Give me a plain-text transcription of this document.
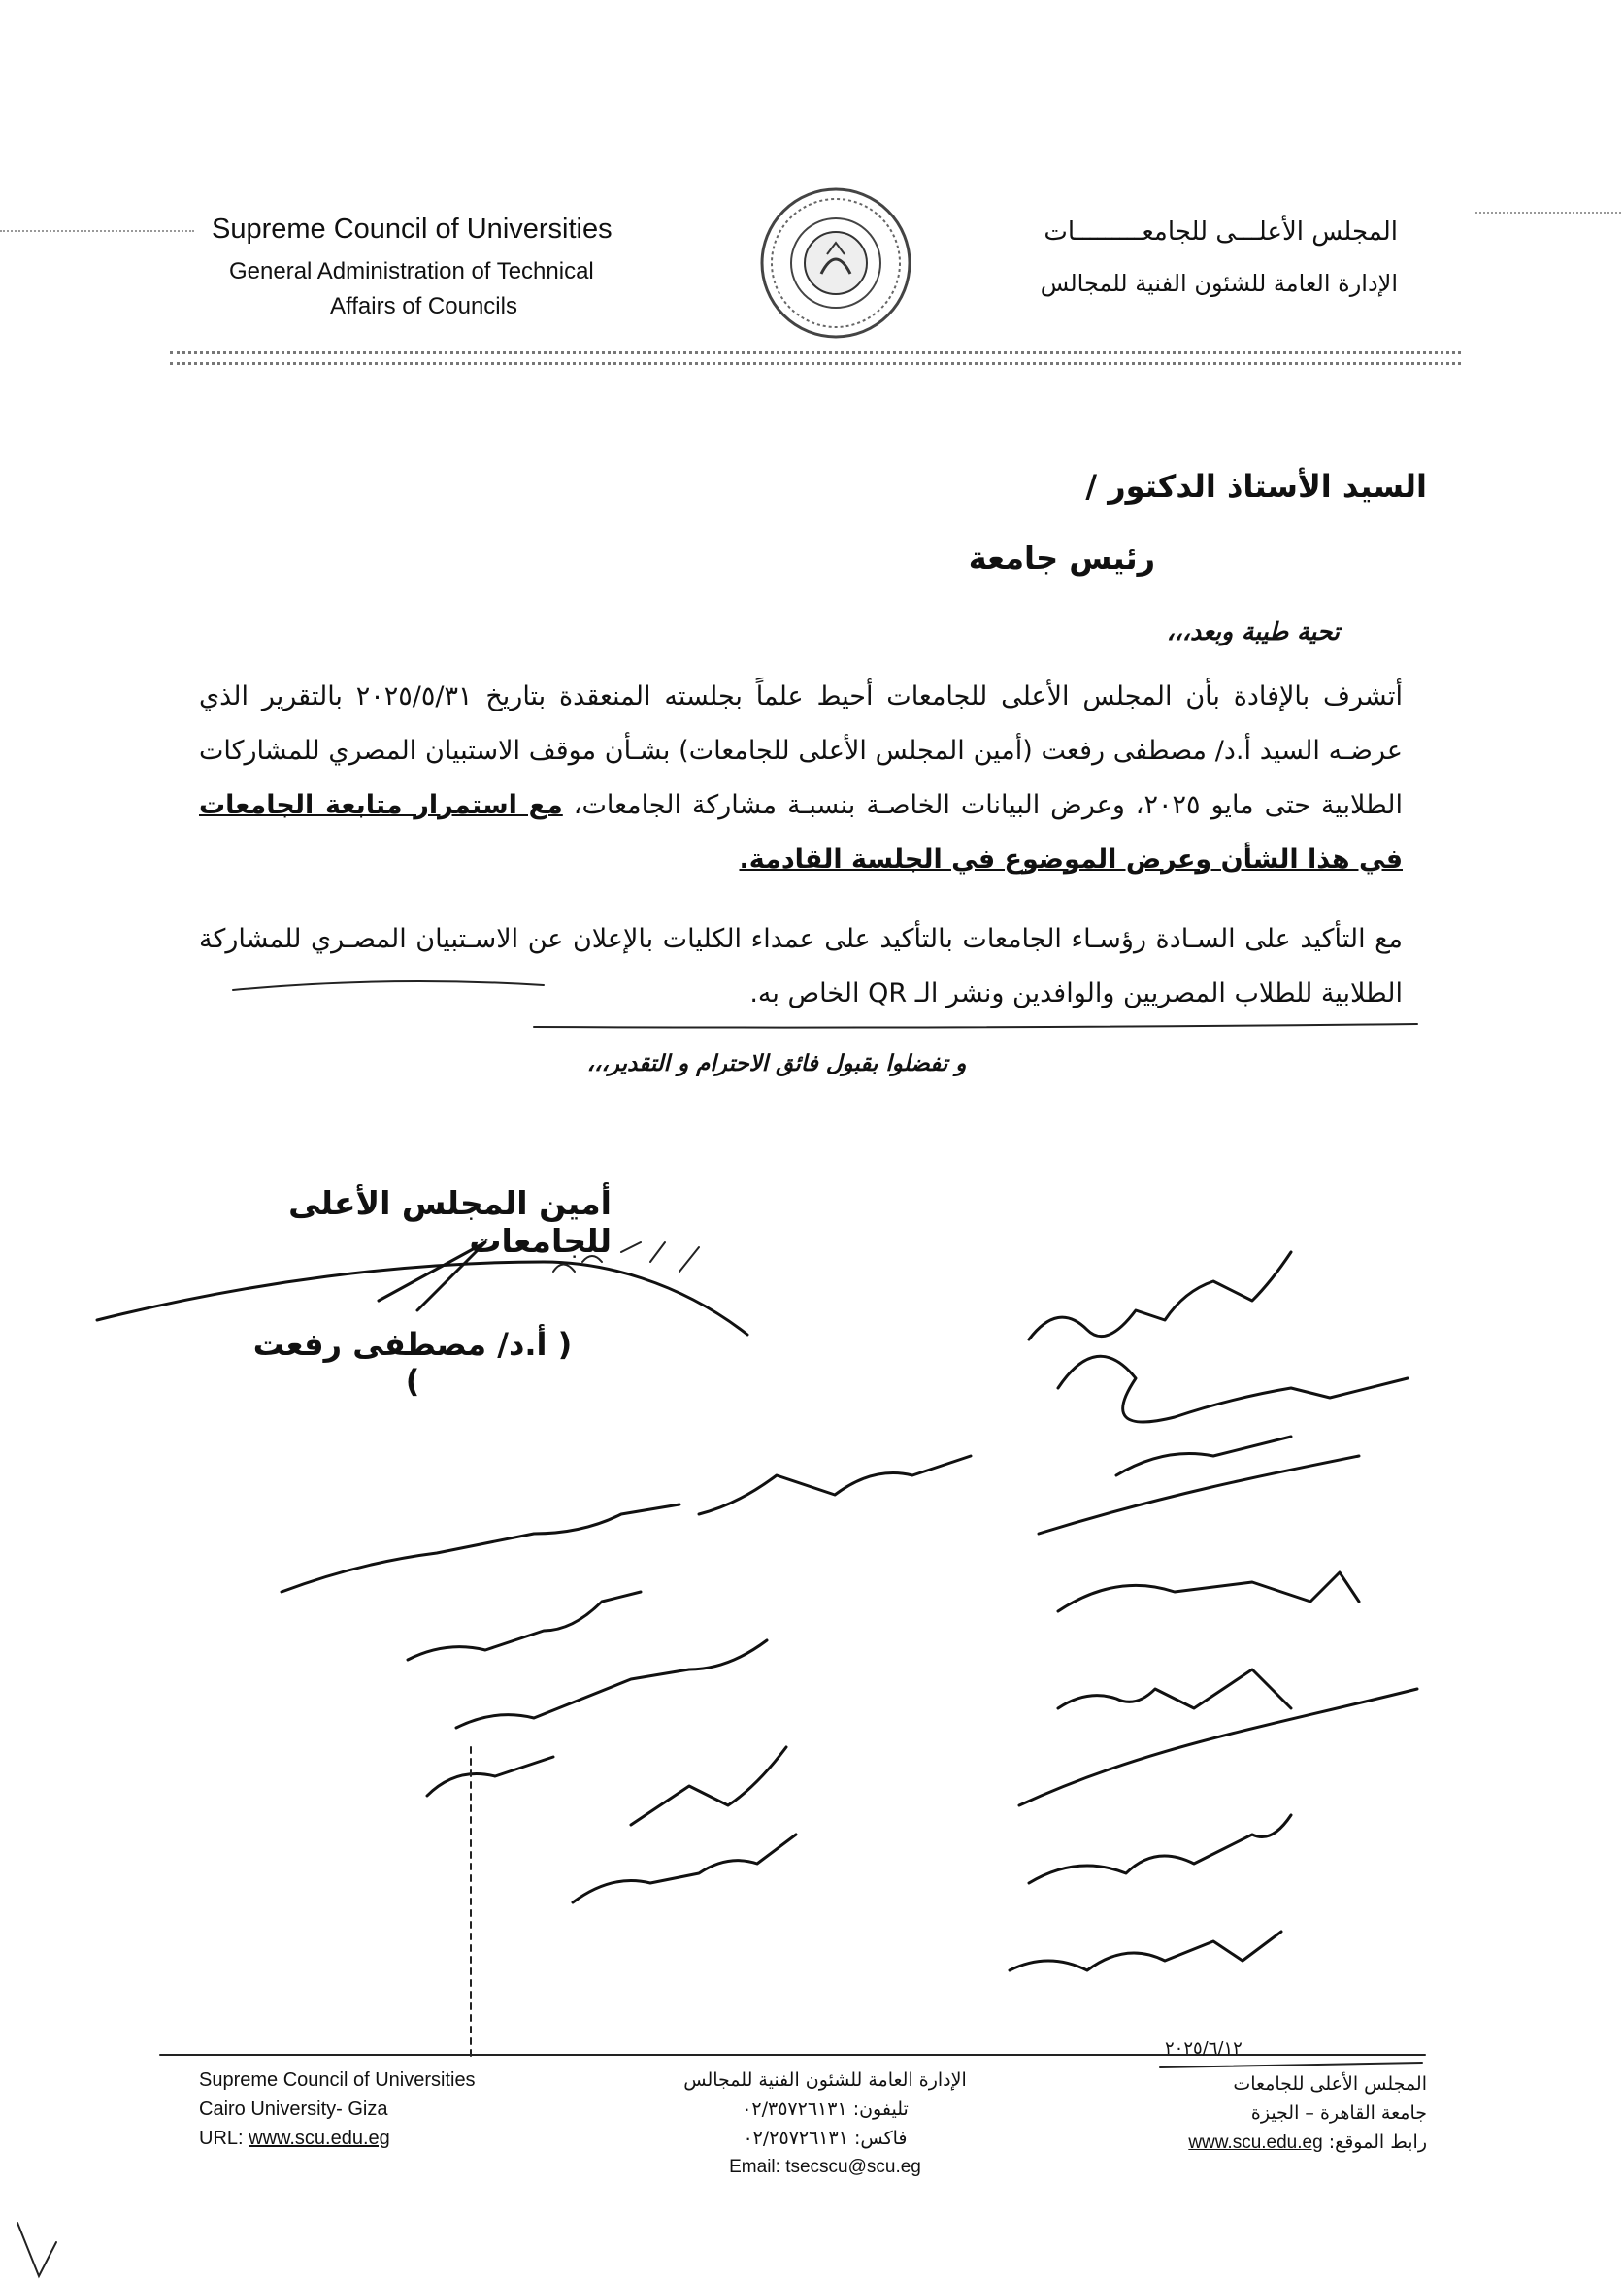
Supreme Council of Universities
General Administration of Technical
Affairs of Councils
المجلس الأعلـــى للجامعـــــــــات
الإدارة العامة للشئون الفنية للمجالس
السيد الأستاذ الدكتور /
رئيس جامعة
تحية طيبة وبعد،،،
أتشرف بالإفادة بأن المجلس الأعلى للجامعات أحيط علماً بجلسته المنعقدة بتاريخ ٢٠٢٥/٥/٣١ بالتقرير الذي عرضـه السيد أ.د/ مصطفى رفعت (أمين المجلس الأعلى للجامعات) بشـأن موقف الاستبيان المصري للمشاركات الطلابية حتى مايو ٢٠٢٥، وعرض البيانات الخاصـة بنسبـة مشاركة الجامعات، مع استمرار متابعة الجامعات في هذا الشأن وعرض الموضوع في الجلسة القادمة.
مع التأكيد على السـادة رؤسـاء الجامعات بالتأكيد على عمداء الكليات بالإعلان عن الاسـتبيان المصـري للمشاركة الطلابية للطلاب المصريين والوافدين ونشر الـ QR الخاص به.
و تفضلوا بقبول فائق الاحترام و التقدير،،،
أمين المجلس الأعلى للجامعات
( أ.د/ مصطفى رفعت )
Supreme Council of Universities
Cairo University- Giza
URL: www.scu.edu.eg
الإدارة العامة للشئون الفنية للمجالس
تليفون: ٠٢/٣٥٧٢٦١٣١
فاكس: ٠٢/٢٥٧٢٦١٣١
Email: tsecscu@scu.eg
٢٠٢٥/٦/١٢
المجلس الأعلى للجامعات
جامعة القاهرة – الجيزة
رابط الموقع: www.scu.edu.eg
